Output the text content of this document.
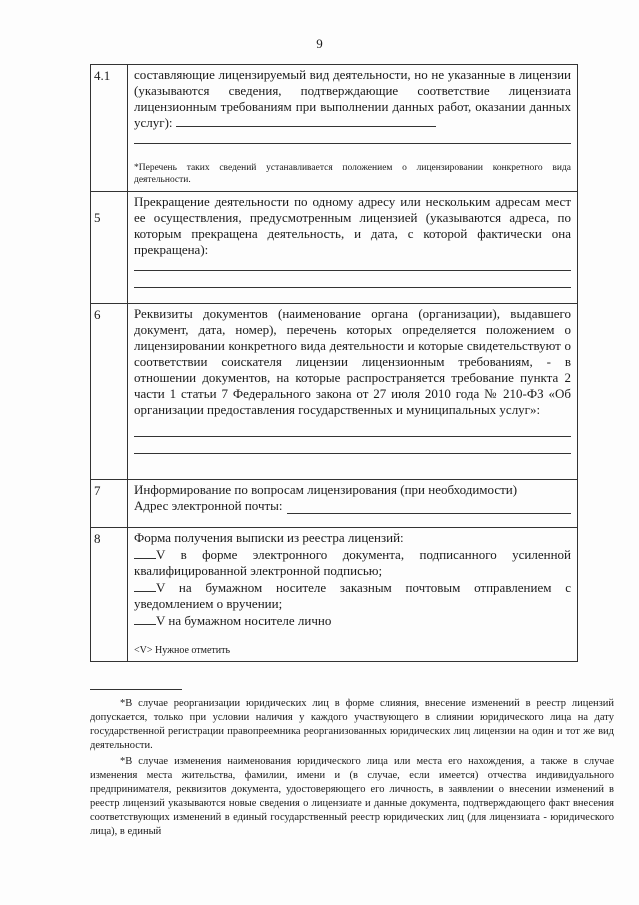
9
4.1	составляющие лицензируемый вид деятельности, но не указанные в лицензии (указываются сведения, подтверждающие соответствие лицензиата лицензионным требованиям при выполнении данных работ, оказании данных услуг):
*Перечень таких сведений устанавливается положением о лицензировании конкретного вида деятельности.

5	Прекращение деятельности по одному адресу или нескольким адресам мест ее осуществления, предусмотренным лицензией (указываются адреса, по которым прекращена деятельность, и дата, с которой фактически она прекращена):

6	Реквизиты документов (наименование органа (организации), выдавшего документ, дата, номер), перечень которых определяется положением о лицензировании конкретного вида деятельности и которые свидетельствуют о соответствии соискателя лицензии лицензионным требованиям, - в отношении документов, на которые распространяется требование пункта 2 части 1 статьи 7 Федерального закона от 27 июля 2010 года № 210-ФЗ «Об организации предоставления государственных и муниципальных услуг»:

7	Информирование по вопросам лицензирования (при необходимости)
Адрес электронной почты:

8	Форма получения выписки из реестра лицензий:
V в форме электронного документа, подписанного усиленной квалифицированной электронной подписью;
V на бумажном носителе заказным почтовым отправлением с уведомлением о вручении;
V на бумажном носителе лично
<V> Нужное отметить

*В случае реорганизации юридических лиц в форме слияния, внесение изменений в реестр лицензий допускается, только при условии наличия у каждого участвующего в слиянии юридического лица на дату государственной регистрации правопреемника реорганизованных юридических лиц лицензии на один и тот же вид деятельности.

*В случае изменения наименования юридического лица или места его нахождения, а также в случае изменения места жительства, фамилии, имени и (в случае, если имеется) отчества индивидуального предпринимателя, реквизитов документа, удостоверяющего его личность, в заявлении о внесении изменений в реестр лицензий указываются новые сведения о лицензиате и данные документа, подтверждающего факт внесения соответствующих изменений в единый государственный реестр юридических лиц (для лицензиата - юридического лица), в единый
